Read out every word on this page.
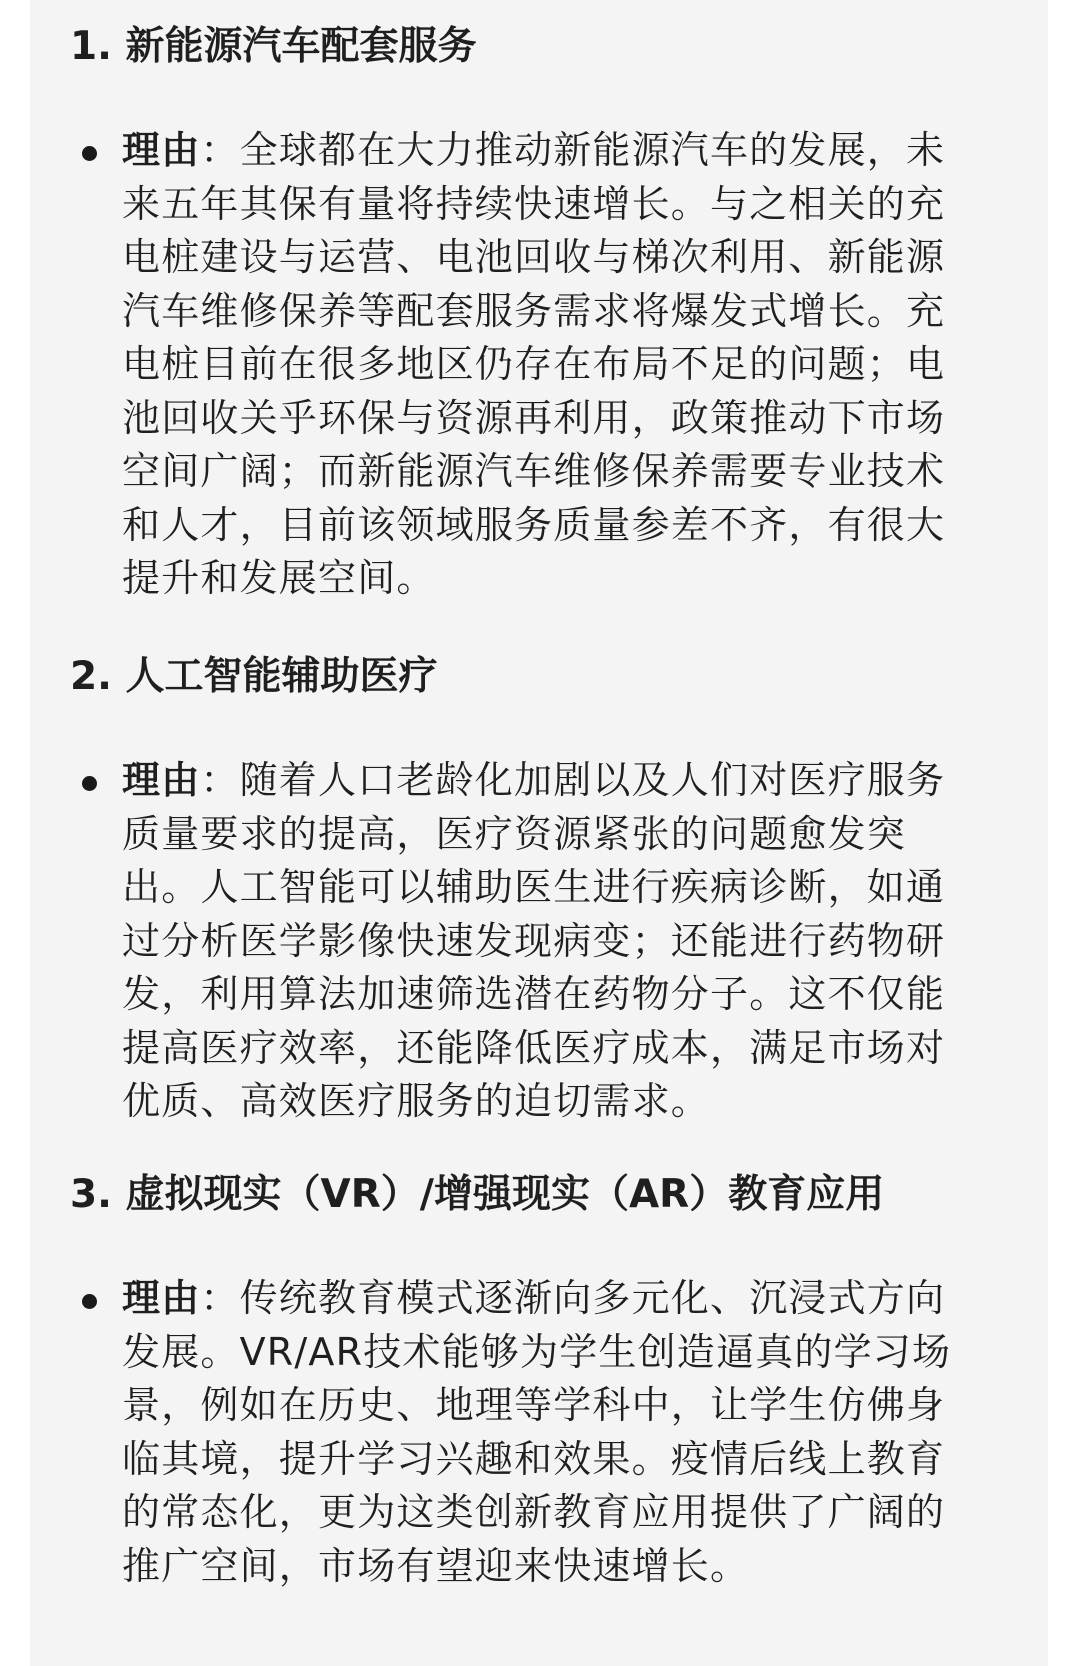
1. 新能源汽车配套服务

理由：全球都在大力推动新能源汽车的发展，未
来五年其保有量将持续快速增长。与之相关的充
电桩建设与运营、电池回收与梯次利用、新能源
汽车维修保养等配套服务需求将爆发式增长。充
电桩目前在很多地区仍存在布局不足的问题；电
池回收关乎环保与资源再利用，政策推动下市场
空间广阔；而新能源汽车维修保养需要专业技术
和人才，目前该领域服务质量参差不齐，有很大
提升和发展空间。

2. 人工智能辅助医疗

理由：随着人口老龄化加剧以及人们对医疗服务
质量要求的提高，医疗资源紧张的问题愈发突
出。人工智能可以辅助医生进行疾病诊断，如通
过分析医学影像快速发现病变；还能进行药物研
发，利用算法加速筛选潜在药物分子。这不仅能
提高医疗效率，还能降低医疗成本，满足市场对
优质、高效医疗服务的迫切需求。

3. 虚拟现实（VR）/增强现实（AR）教育应用

理由：传统教育模式逐渐向多元化、沉浸式方向
发展。VR/AR技术能够为学生创造逼真的学习场
景，例如在历史、地理等学科中，让学生仿佛身
临其境，提升学习兴趣和效果。疫情后线上教育
的常态化，更为这类创新教育应用提供了广阔的
推广空间，市场有望迎来快速增长。
